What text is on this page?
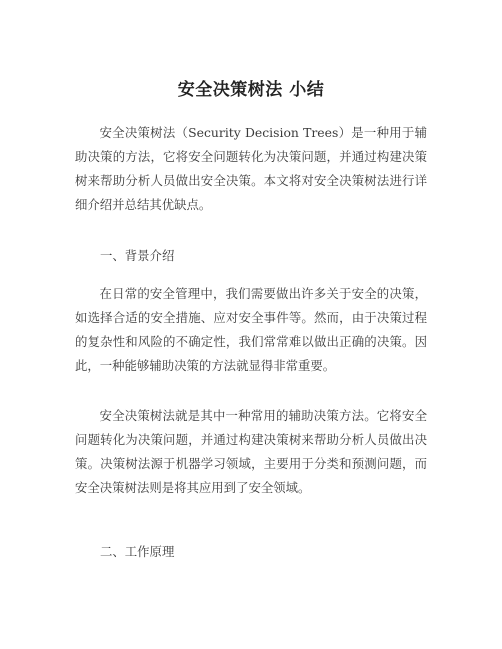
安全决策树法 小结

安全决策树法（Security Decision Trees）是一种用于辅助决策的方法，它将安全问题转化为决策问题，并通过构建决策树来帮助分析人员做出安全决策。本文将对安全决策树法进行详细介绍并总结其优缺点。

一、背景介绍

在日常的安全管理中，我们需要做出许多关于安全的决策，如选择合适的安全措施、应对安全事件等。然而，由于决策过程的复杂性和风险的不确定性，我们常常难以做出正确的决策。因此，一种能够辅助决策的方法就显得非常重要。

安全决策树法就是其中一种常用的辅助决策方法。它将安全问题转化为决策问题，并通过构建决策树来帮助分析人员做出决策。决策树法源于机器学习领域，主要用于分类和预测问题，而安全决策树法则是将其应用到了安全领域。

二、工作原理
